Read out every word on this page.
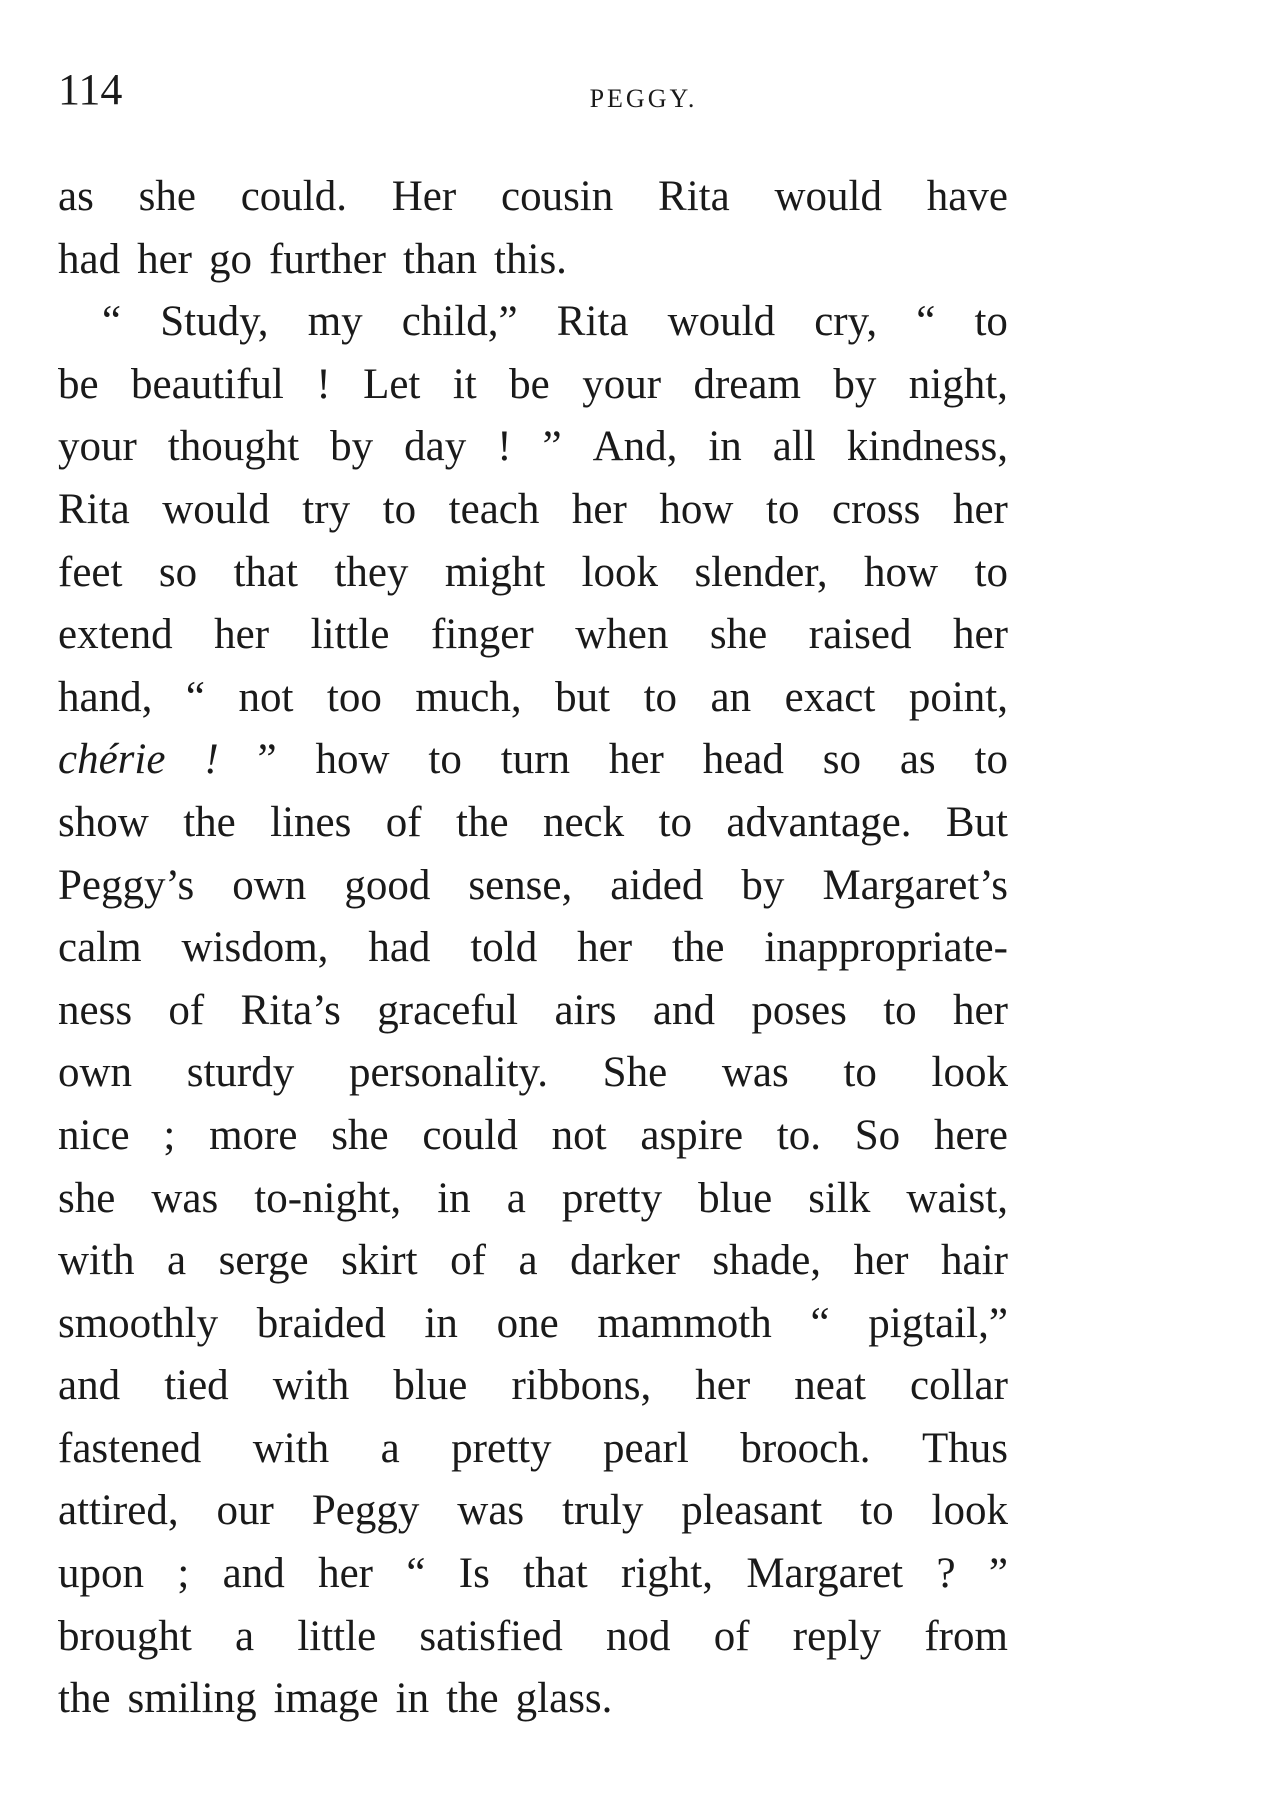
114	PEGGY.
as she could. Her cousin Rita would have
had her go further than this.
“ Study, my child,” Rita would cry, “ to
be beautiful ! Let it be your dream by night,
your thought by day ! ” And, in all kindness,
Rita would try to teach her how to cross her
feet so that they might look slender, how to
extend her little finger when she raised her
hand, “ not too much, but to an exact point,
chérie ! ” how to turn her head so as to
show the lines of the neck to advantage. But
Peggy’s own good sense, aided by Margaret’s
calm wisdom, had told her the inappropriate-
ness of Rita’s graceful airs and poses to her
own sturdy personality. She was to look
nice ; more she could not aspire to. So here
she was to-night, in a pretty blue silk waist,
with a serge skirt of a darker shade, her hair
smoothly braided in one mammoth “ pigtail,”
and tied with blue ribbons, her neat collar
fastened with a pretty pearl brooch. Thus
attired, our Peggy was truly pleasant to look
upon ; and her “ Is that right, Margaret ? ”
brought a little satisfied nod of reply from
the smiling image in the glass.
